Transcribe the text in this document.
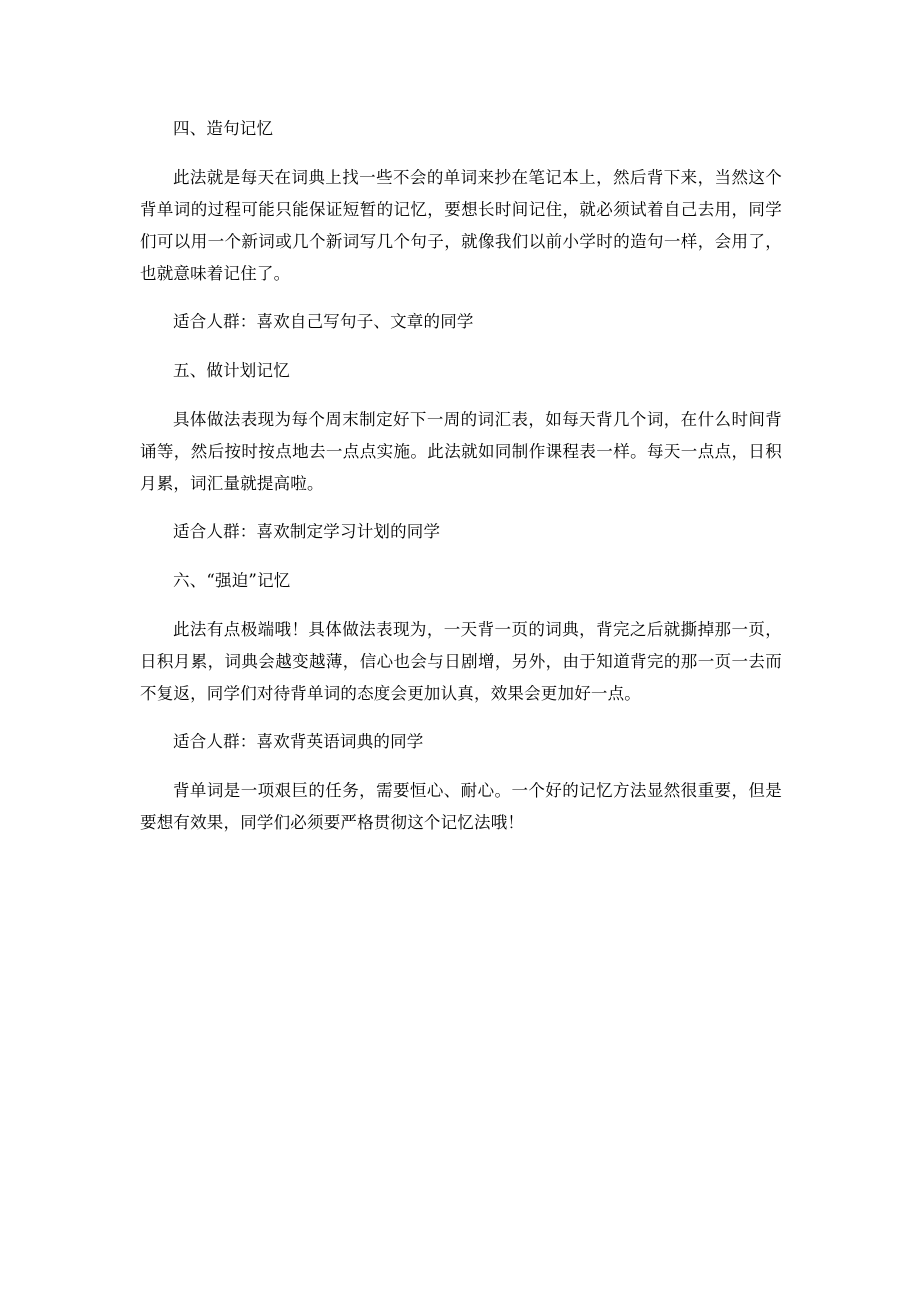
四、造句记忆

此法就是每天在词典上找一些不会的单词来抄在笔记本上，然后背下来，当然这个背单词的过程可能只能保证短暂的记忆，要想长时间记住，就必须试着自己去用，同学们可以用一个新词或几个新词写几个句子，就像我们以前小学时的造句一样，会用了，也就意味着记住了。

适合人群：喜欢自己写句子、文章的同学

五、做计划记忆

具体做法表现为每个周末制定好下一周的词汇表，如每天背几个词，在什么时间背诵等，然后按时按点地去一点点实施。此法就如同制作课程表一样。每天一点点，日积月累，词汇量就提高啦。

适合人群：喜欢制定学习计划的同学

六、“强迫”记忆

此法有点极端哦！具体做法表现为，一天背一页的词典，背完之后就撕掉那一页，日积月累，词典会越变越薄，信心也会与日剧增，另外，由于知道背完的那一页一去而不复返，同学们对待背单词的态度会更加认真，效果会更加好一点。

适合人群：喜欢背英语词典的同学

背单词是一项艰巨的任务，需要恒心、耐心。一个好的记忆方法显然很重要，但是要想有效果，同学们必须要严格贯彻这个记忆法哦！
